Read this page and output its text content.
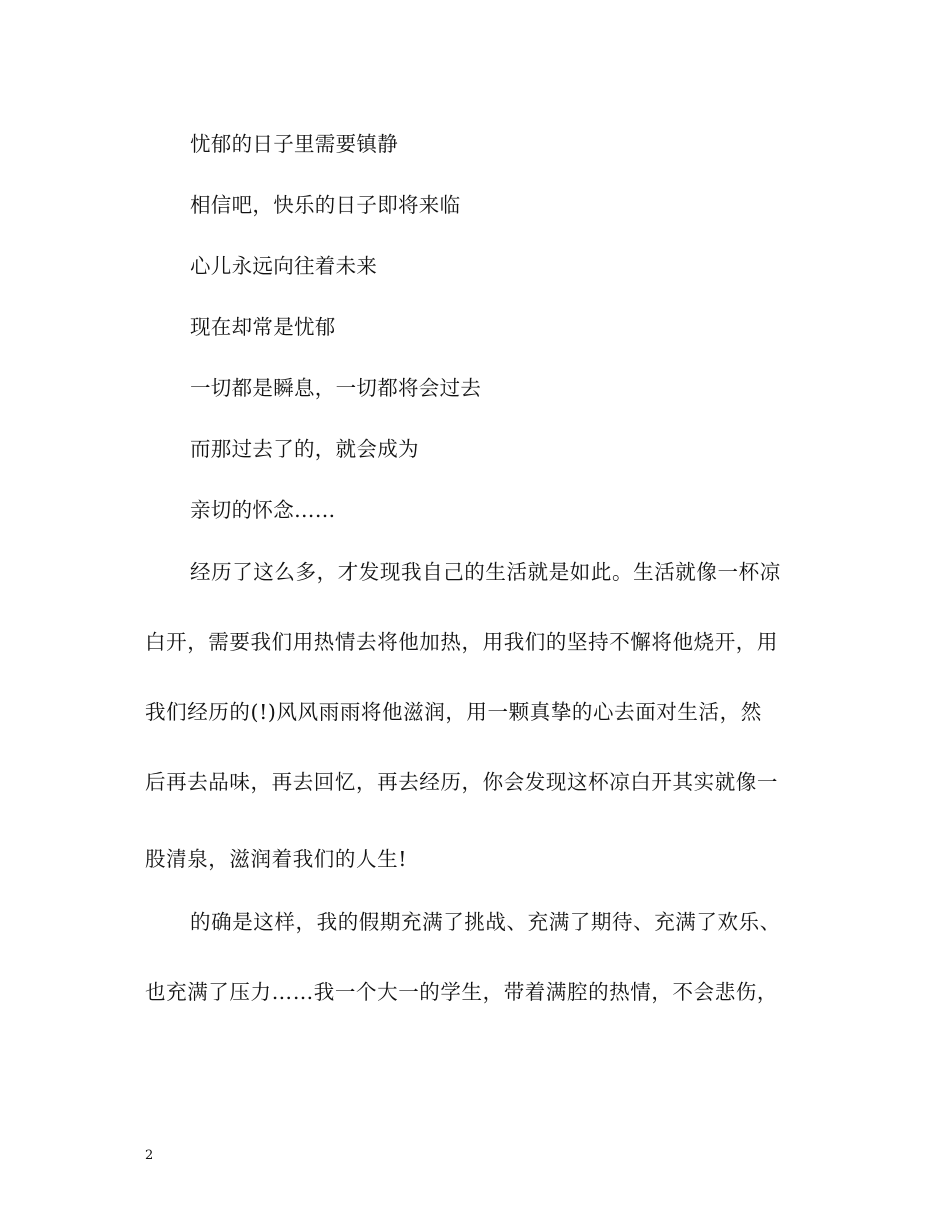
忧郁的日子里需要镇静
相信吧，快乐的日子即将来临
心儿永远向往着未来
现在却常是忧郁
一切都是瞬息，一切都将会过去
而那过去了的，就会成为
亲切的怀念……
经历了这么多，才发现我自己的生活就是如此。生活就像一杯凉
白开，需要我们用热情去将他加热，用我们的坚持不懈将他烧开，用
我们经历的(!)风风雨雨将他滋润，用一颗真挚的心去面对生活，然
后再去品味，再去回忆，再去经历，你会发现这杯凉白开其实就像一
股清泉，滋润着我们的人生!
的确是这样，我的假期充满了挑战、充满了期待、充满了欢乐、
也充满了压力……我一个大一的学生，带着满腔的热情，不会悲伤，
2
